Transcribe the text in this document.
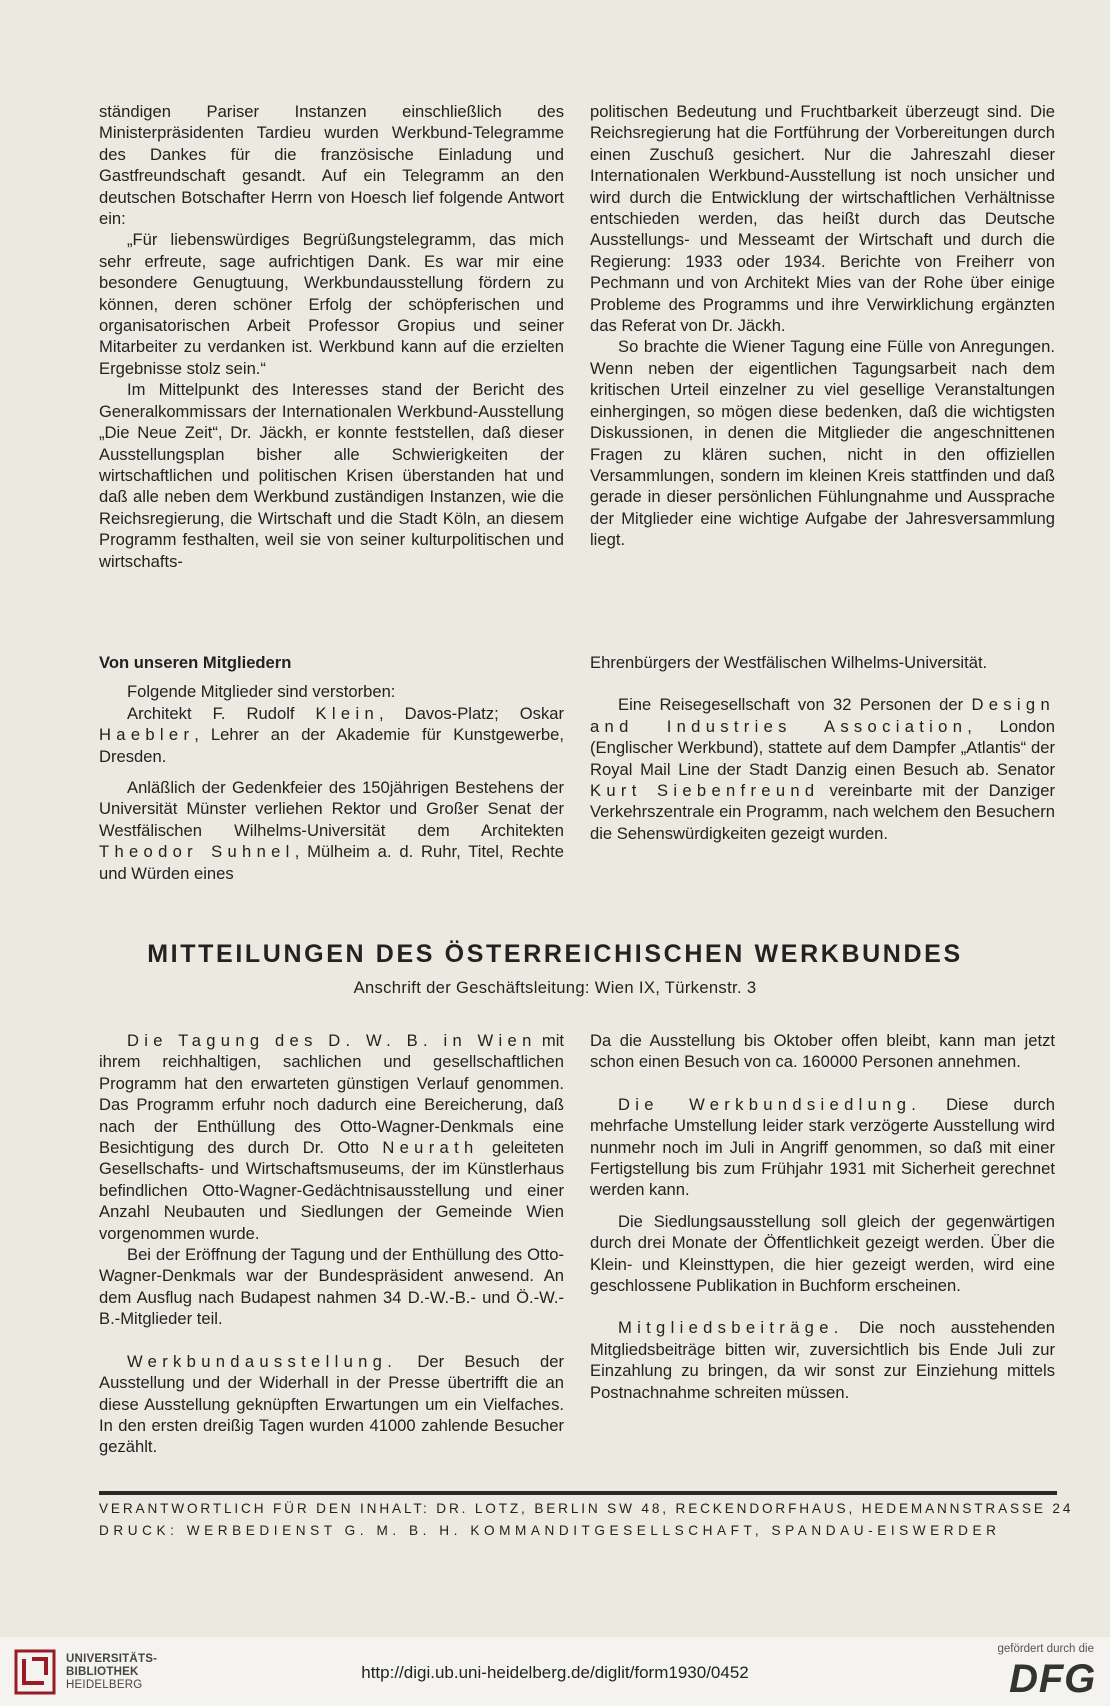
ständigen Pariser Instanzen einschließlich des Ministerpräsidenten Tardieu wurden Werkbund-Telegramme des Dankes für die französische Einladung und Gastfreundschaft gesandt. Auf ein Telegramm an den deutschen Botschafter Herrn von Hoesch lief folgende Antwort ein:

„Für liebenswürdiges Begrüßungstelegramm, das mich sehr erfreute, sage aufrichtigen Dank. Es war mir eine besondere Genugtuung, Werkbundausstellung fördern zu können, deren schöner Erfolg der schöpferischen und organisatorischen Arbeit Professor Gropius und seiner Mitarbeiter zu verdanken ist. Werkbund kann auf die erzielten Ergebnisse stolz sein.“

Im Mittelpunkt des Interesses stand der Bericht des Generalkommissars der Internationalen Werkbund-Ausstellung „Die Neue Zeit“, Dr. Jäckh, er konnte feststellen, daß dieser Ausstellungsplan bisher alle Schwierigkeiten der wirtschaftlichen und politischen Krisen überstanden hat und daß alle neben dem Werkbund zuständigen Instanzen, wie die Reichsregierung, die Wirtschaft und die Stadt Köln, an diesem Programm festhalten, weil sie von seiner kulturpolitischen und wirtschafts-

politischen Bedeutung und Fruchtbarkeit überzeugt sind. Die Reichsregierung hat die Fortführung der Vorbereitungen durch einen Zuschuß gesichert. Nur die Jahreszahl dieser Internationalen Werkbund-Ausstellung ist noch unsicher und wird durch die Entwicklung der wirtschaftlichen Verhältnisse entschieden werden, das heißt durch das Deutsche Ausstellungs- und Messeamt der Wirtschaft und durch die Regierung: 1933 oder 1934. Berichte von Freiherr von Pechmann und von Architekt Mies van der Rohe über einige Probleme des Programms und ihre Verwirklichung ergänzten das Referat von Dr. Jäckh.

So brachte die Wiener Tagung eine Fülle von Anregungen. Wenn neben der eigentlichen Tagungsarbeit nach dem kritischen Urteil einzelner zu viel gesellige Veranstaltungen einhergingen, so mögen diese bedenken, daß die wichtigsten Diskussionen, in denen die Mitglieder die angeschnittenen Fragen zu klären suchen, nicht in den offiziellen Versammlungen, sondern im kleinen Kreis stattfinden und daß gerade in dieser persönlichen Fühlungnahme und Aussprache der Mitglieder eine wichtige Aufgabe der Jahresversammlung liegt.

Von unseren Mitgliedern

Folgende Mitglieder sind verstorben:

Architekt F. Rudolf Klein, Davos-Platz; Oskar Haebler, Lehrer an der Akademie für Kunstgewerbe, Dresden.

Anläßlich der Gedenkfeier des 150jährigen Bestehens der Universität Münster verliehen Rektor und Großer Senat der Westfälischen Wilhelms-Universität dem Architekten Theodor Suhnel, Mülheim a. d. Ruhr, Titel, Rechte und Würden eines

Ehrenbürgers der Westfälischen Wilhelms-Universität.

Eine Reisegesellschaft von 32 Personen der Design and Industries Association, London (Englischer Werkbund), stattete auf dem Dampfer „Atlantis“ der Royal Mail Line der Stadt Danzig einen Besuch ab. Senator Kurt Siebenfreund vereinbarte mit der Danziger Verkehrszentrale ein Programm, nach welchem den Besuchern die Sehenswürdigkeiten gezeigt wurden.

MITTEILUNGEN DES ÖSTERREICHISCHEN WERKBUNDES
Anschrift der Geschäftsleitung: Wien IX, Türkenstr. 3

Die Tagung des D. W. B. in Wien mit ihrem reichhaltigen, sachlichen und gesellschaftlichen Programm hat den erwarteten günstigen Verlauf genommen. Das Programm erfuhr noch dadurch eine Bereicherung, daß nach der Enthüllung des Otto-Wagner-Denkmals eine Besichtigung des durch Dr. Otto Neurath geleiteten Gesellschafts- und Wirtschaftsmuseums, der im Künstlerhaus befindlichen Otto-Wagner-Gedächtnisausstellung und einer Anzahl Neubauten und Siedlungen der Gemeinde Wien vorgenommen wurde.

Bei der Eröffnung der Tagung und der Enthüllung des Otto-Wagner-Denkmals war der Bundespräsident anwesend. An dem Ausflug nach Budapest nahmen 34 D.-W.-B.- und Ö.-W.-B.-Mitglieder teil.

Werkbundausstellung. Der Besuch der Ausstellung und der Widerhall in der Presse übertrifft die an diese Ausstellung geknüpften Erwartungen um ein Vielfaches. In den ersten dreißig Tagen wurden 41000 zahlende Besucher gezählt.

Da die Ausstellung bis Oktober offen bleibt, kann man jetzt schon einen Besuch von ca. 160000 Personen annehmen.

Die Werkbundsiedlung. Diese durch mehrfache Umstellung leider stark verzögerte Ausstellung wird nunmehr noch im Juli in Angriff genommen, so daß mit einer Fertigstellung bis zum Frühjahr 1931 mit Sicherheit gerechnet werden kann.

Die Siedlungsausstellung soll gleich der gegenwärtigen durch drei Monate der Öffentlichkeit gezeigt werden. Über die Klein- und Kleinsttypen, die hier gezeigt werden, wird eine geschlossene Publikation in Buchform erscheinen.

Mitgliedsbeiträge. Die noch ausstehenden Mitgliedsbeiträge bitten wir, zuversichtlich bis Ende Juli zur Einzahlung zu bringen, da wir sonst zur Einziehung mittels Postnachnahme schreiten müssen.

VERANTWORTLICH FÜR DEN INHALT: DR. LOTZ, BERLIN SW 48, RECKENDORFHAUS, HEDEMANNSTRASSE 24
DRUCK: WERBEDIENST G. M. B. H. KOMMANDITGESELLSCHAFT, SPANDAU-EISWERDER
UNIVERSITÄTS-
BIBLIOTHEK
HEIDELBERG
http://digi.ub.uni-heidelberg.de/diglit/form1930/0452
gefördert durch die
DFG
